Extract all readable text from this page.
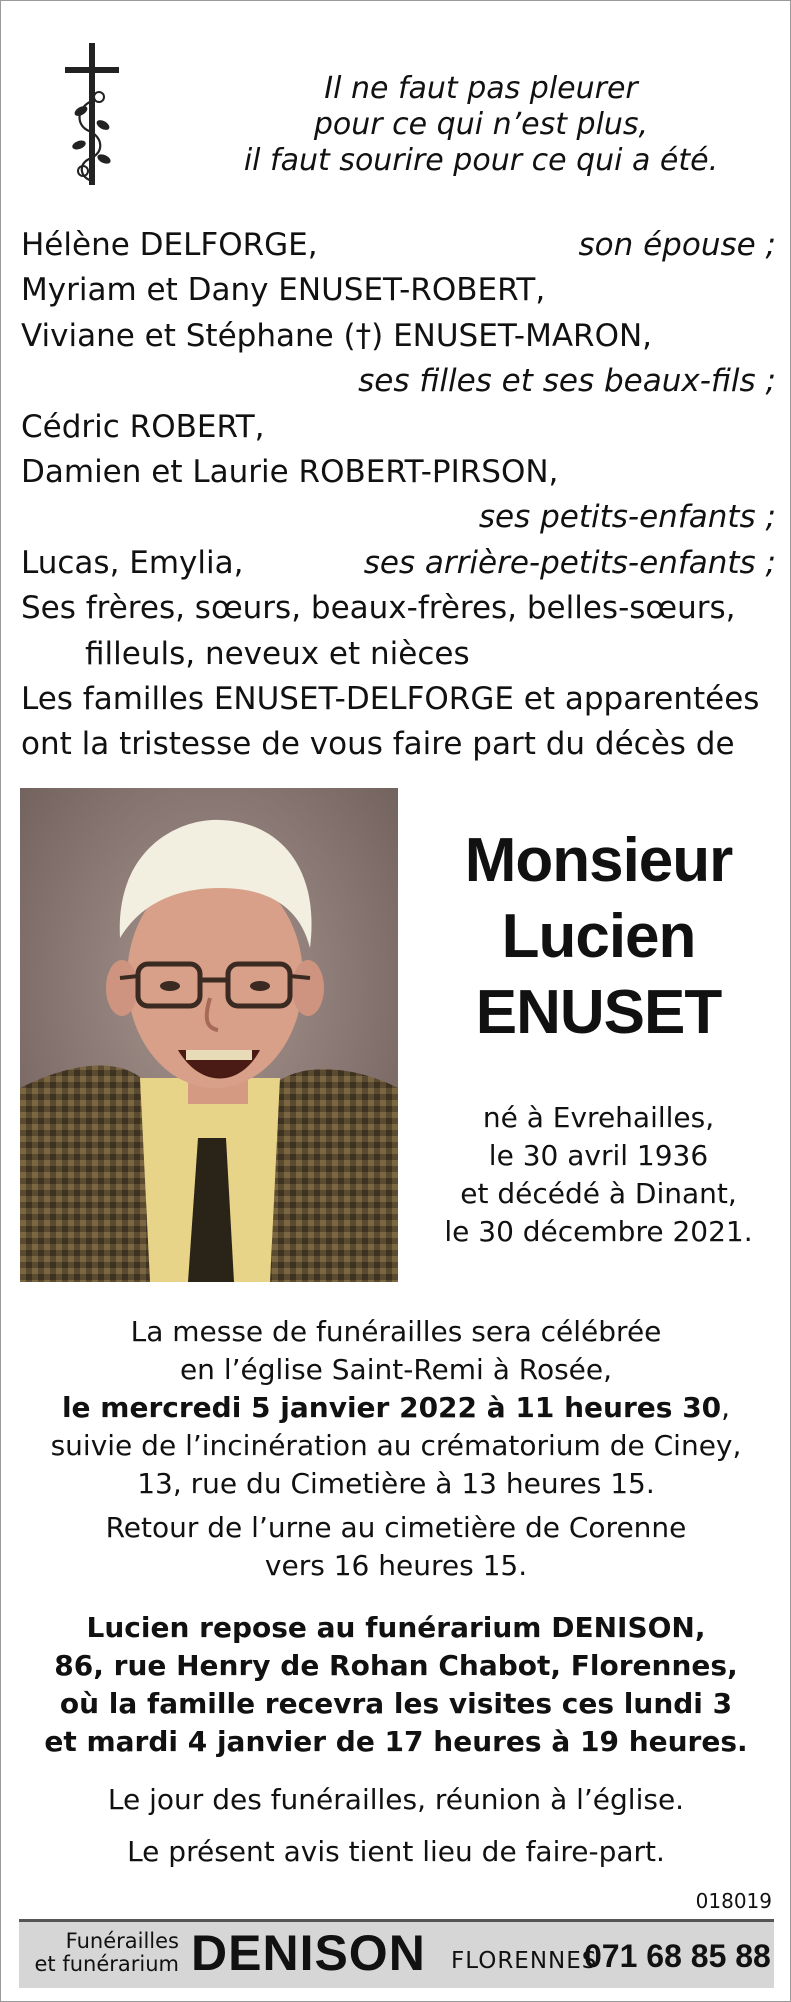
Il ne faut pas pleurer
pour ce qui n’est plus,
il faut sourire pour ce qui a été.
Hélène DELFORGE,	son épouse ;
Myriam et Dany ENUSET-ROBERT,
Viviane et Stéphane (†) ENUSET-MARON,
ses filles et ses beaux-fils ;
Cédric ROBERT,
Damien et Laurie ROBERT-PIRSON,
ses petits-enfants ;
Lucas, Emylia,	ses arrière-petits-enfants ;
Ses frères, sœurs, beaux-frères, belles-sœurs,
filleuls, neveux et nièces
Les familles ENUSET-DELFORGE et apparentées
ont la tristesse de vous faire part du décès de
Monsieur
Lucien
ENUSET
né à Evrehailles,
le 30 avril 1936
et décédé à Dinant,
le 30 décembre 2021.
La messe de funérailles sera célébrée
en l’église Saint-Remi à Rosée,
le mercredi 5 janvier 2022 à 11 heures 30,
suivie de l’incinération au crématorium de Ciney,
13, rue du Cimetière à 13 heures 15.
Retour de l’urne au cimetière de Corenne
vers 16 heures 15.
Lucien repose au funérarium DENISON,
86, rue Henry de Rohan Chabot, Florennes,
où la famille recevra les visites ces lundi 3
et mardi 4 janvier de 17 heures à 19 heures.
Le jour des funérailles, réunion à l’église.
Le présent avis tient lieu de faire-part.
018019
Funérailles
et funérarium DENISON FLORENNES
071 68 85 88
